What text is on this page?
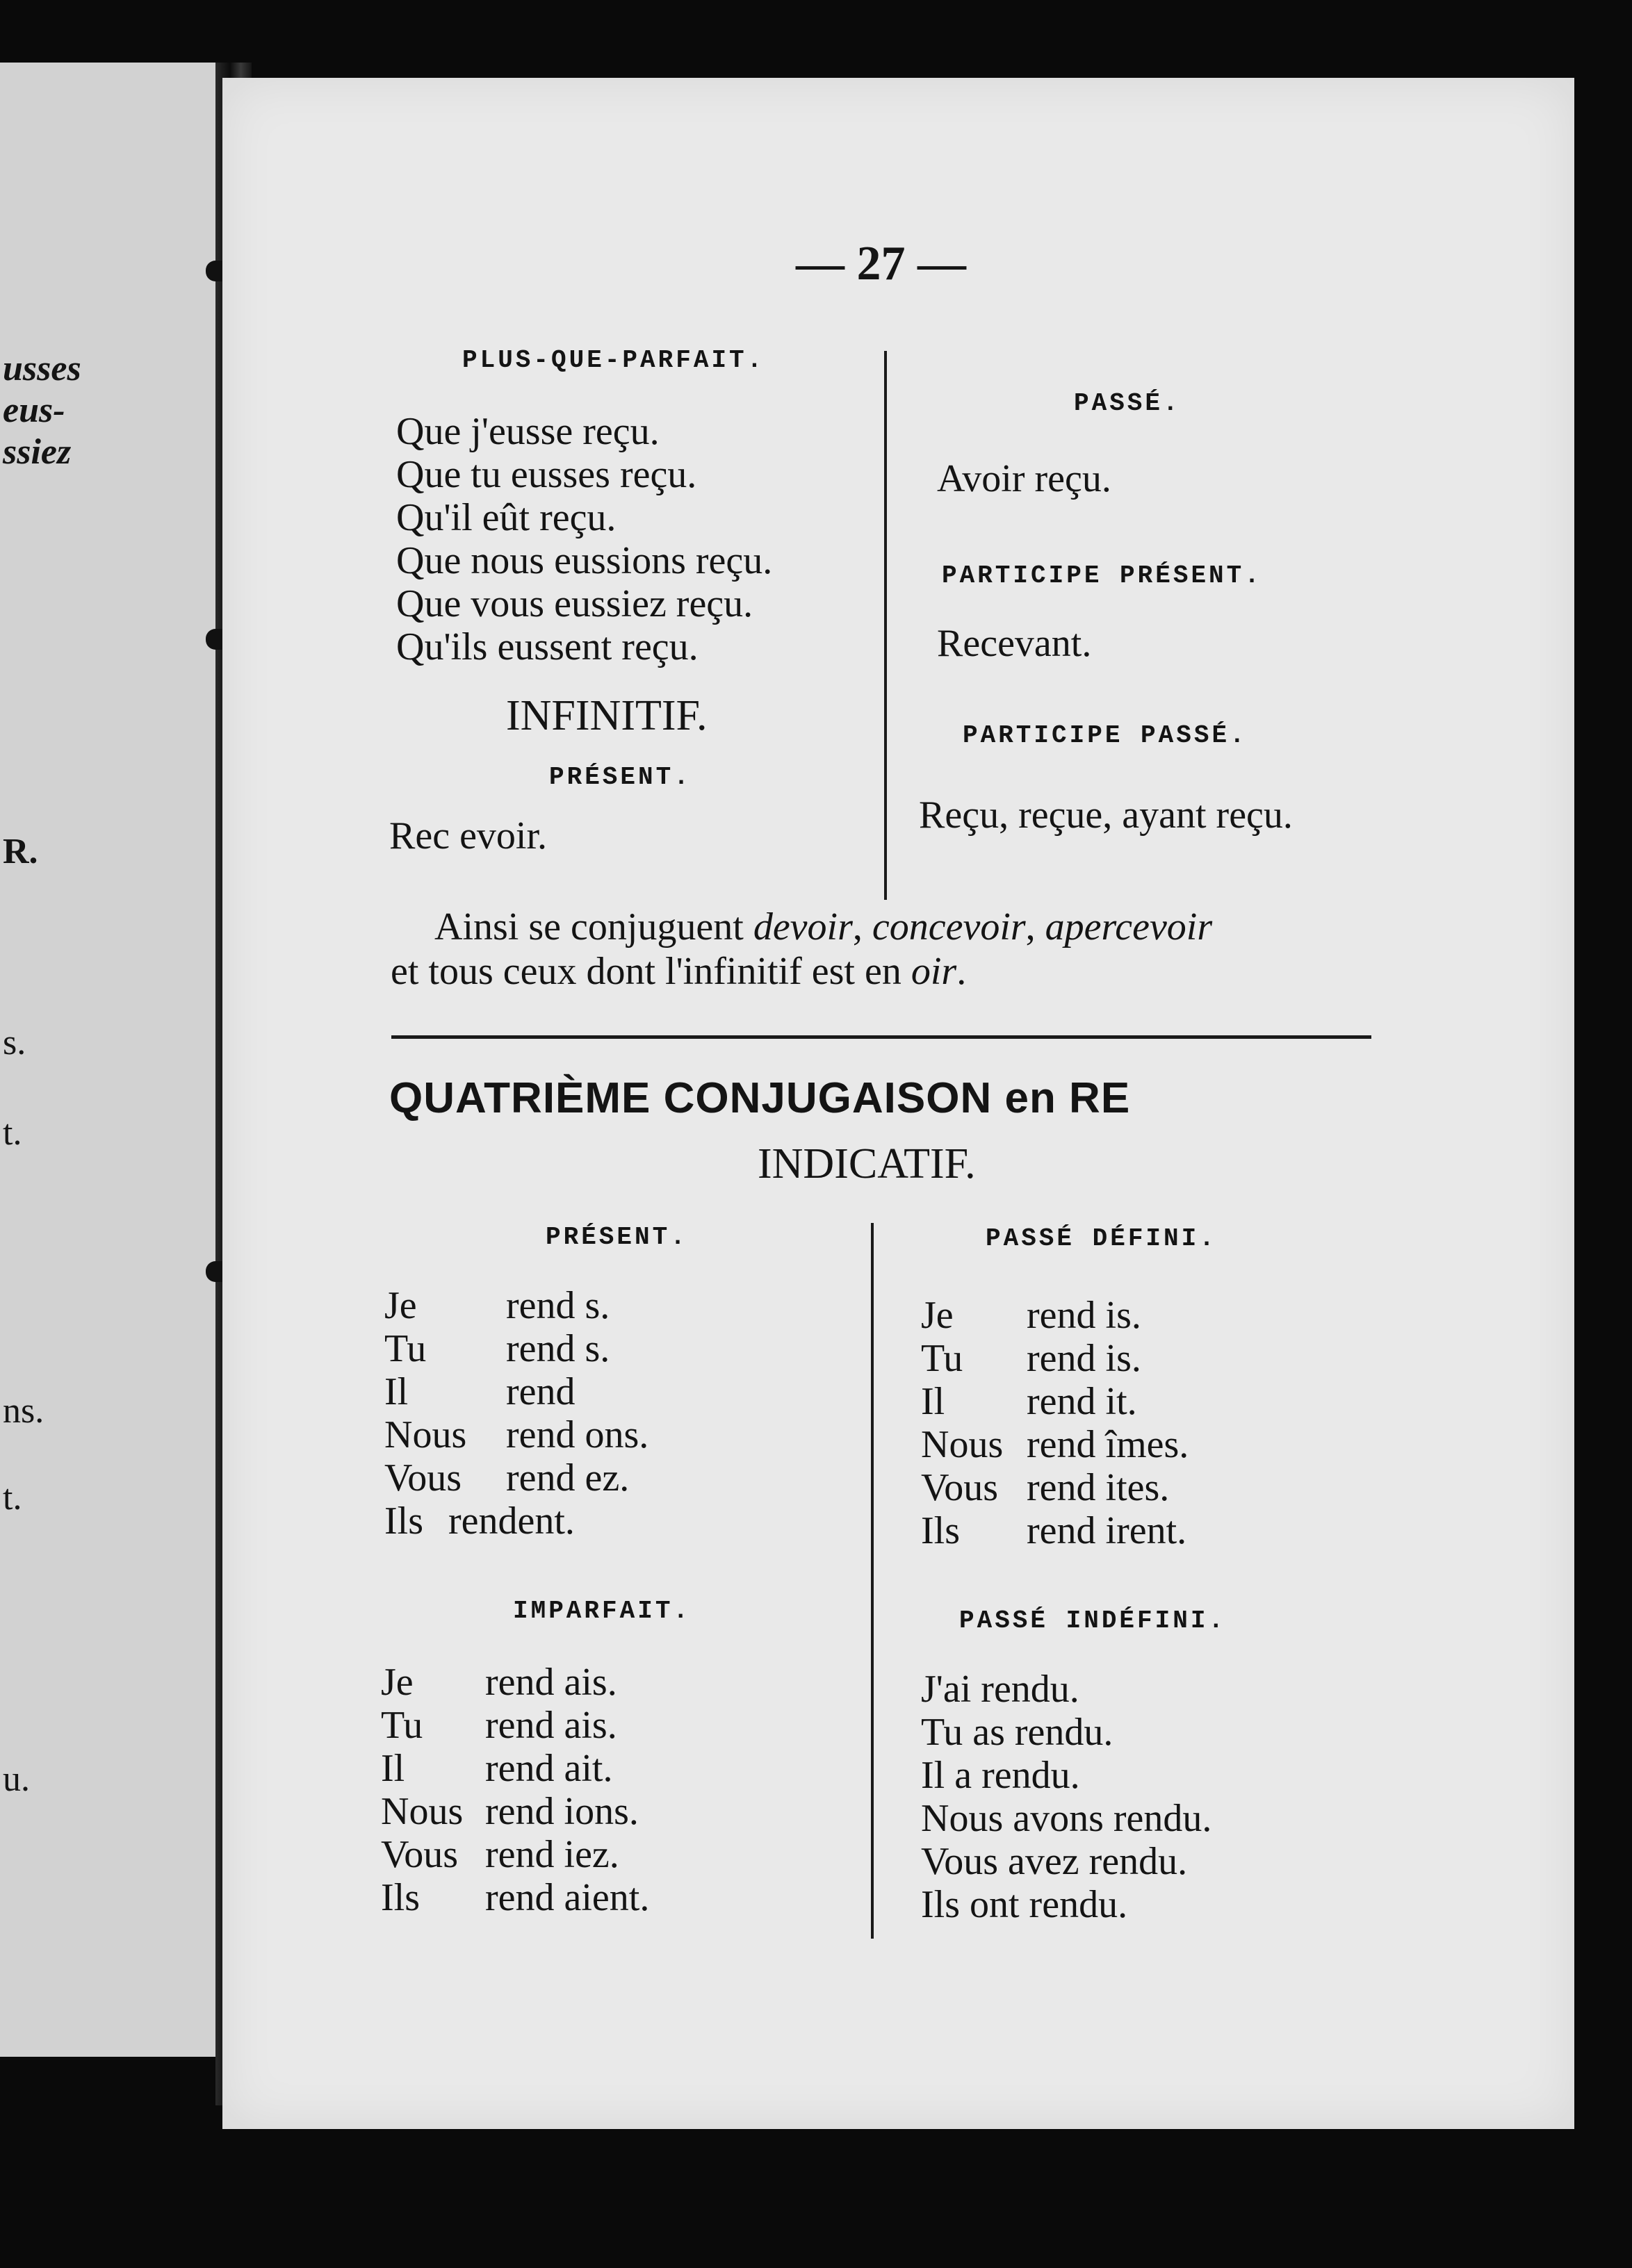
usses

eus-

ssiez

R.

s.

t.

ns.

t.

u.

— 27 —

PLUS-QUE-PARFAIT.

Que j'eusse reçu.
Que tu eusses reçu.
Qu'il eût reçu.
Que nous eussions reçu.
Que vous eussiez reçu.
Qu'ils eussent reçu.

INFINITIF.

PRÉSENT.

Rec evoir.

PASSÉ.

Avoir reçu.

PARTICIPE PRÉSENT.

Recevant.

PARTICIPE PASSÉ.

Reçu, reçue, ayant reçu.

Ainsi se conjuguent devoir, concevoir, apercevoir

et tous ceux dont l'infinitif est en oir.

QUATRIÈME CONJUGAISON en RE

INDICATIF.

PRÉSENT.

Je	rend s.
Tu	rend s.
Il	rend
Nous	rend ons.
Vous	rend ez.
Ils rendent.

IMPARFAIT.

Je	rend ais.
Tu	rend ais.
Il	rend ait.
Nous rend ions.
Vous rend iez.
Ils	rend aient.

PASSÉ DÉFINI.

Je	rend is.
Tu	rend is.
Il	rend it.
Nous rend îmes.
Vous rend ites.
Ils	rend irent.

PASSÉ INDÉFINI.

J'ai rendu.
Tu as rendu.
Il a rendu.
Nous avons rendu.
Vous avez rendu.
Ils ont rendu.
